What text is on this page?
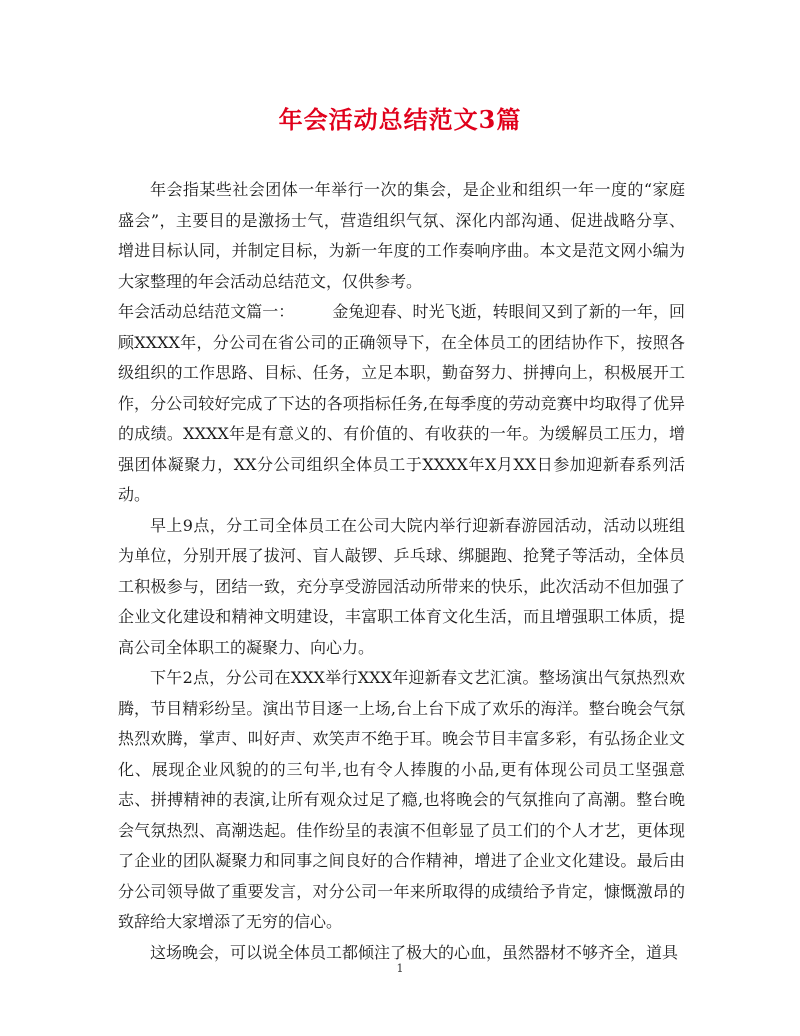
年会活动总结范文3篇

年会指某些社会团体一年举行一次的集会，是企业和组织一年一度的“家庭盛会”，主要目的是激扬士气，营造组织气氛、深化内部沟通、促进战略分享、增进目标认同，并制定目标，为新一年度的工作奏响序曲。本文是范文网小编为大家整理的年会活动总结范文，仅供参考。

年会活动总结范文篇一： 金兔迎春、时光飞逝，转眼间又到了新的一年，回顾XXXX年，分公司在省公司的正确领导下，在全体员工的团结协作下，按照各级组织的工作思路、目标、任务，立足本职，勤奋努力、拼搏向上，积极展开工作，分公司较好完成了下达的各项指标任务,在每季度的劳动竞赛中均取得了优异的成绩。XXXX年是有意义的、有价值的、有收获的一年。为缓解员工压力，增强团体凝聚力，XX分公司组织全体员工于XXXX年X月XX日参加迎新春系列活动。

早上9点，分工司全体员工在公司大院内举行迎新春游园活动，活动以班组为单位，分别开展了拔河、盲人敲锣、乒乓球、绑腿跑、抢凳子等活动，全体员工积极参与，团结一致，充分享受游园活动所带来的快乐，此次活动不但加强了企业文化建设和精神文明建设，丰富职工体育文化生活，而且增强职工体质，提高公司全体职工的凝聚力、向心力。

下午2点，分公司在XXX举行XXX年迎新春文艺汇演。整场演出气氛热烈欢腾，节目精彩纷呈。演出节目逐一上场,台上台下成了欢乐的海洋。整台晚会气氛热烈欢腾，掌声、叫好声、欢笑声不绝于耳。晚会节目丰富多彩，有弘扬企业文化、展现企业风貌的的三句半,也有令人捧腹的小品,更有体现公司员工坚强意志、拼搏精神的表演,让所有观众过足了瘾,也将晚会的气氛推向了高潮。整台晚会气氛热烈、高潮迭起。佳作纷呈的表演不但彰显了员工们的个人才艺，更体现了企业的团队凝聚力和同事之间良好的合作精神，增进了企业文化建设。最后由分公司领导做了重要发言，对分公司一年来所取得的成绩给予肯定，慷慨激昂的致辞给大家增添了无穷的信心。

这场晚会，可以说全体员工都倾注了极大的心血，虽然器材不够齐全，道具

1
